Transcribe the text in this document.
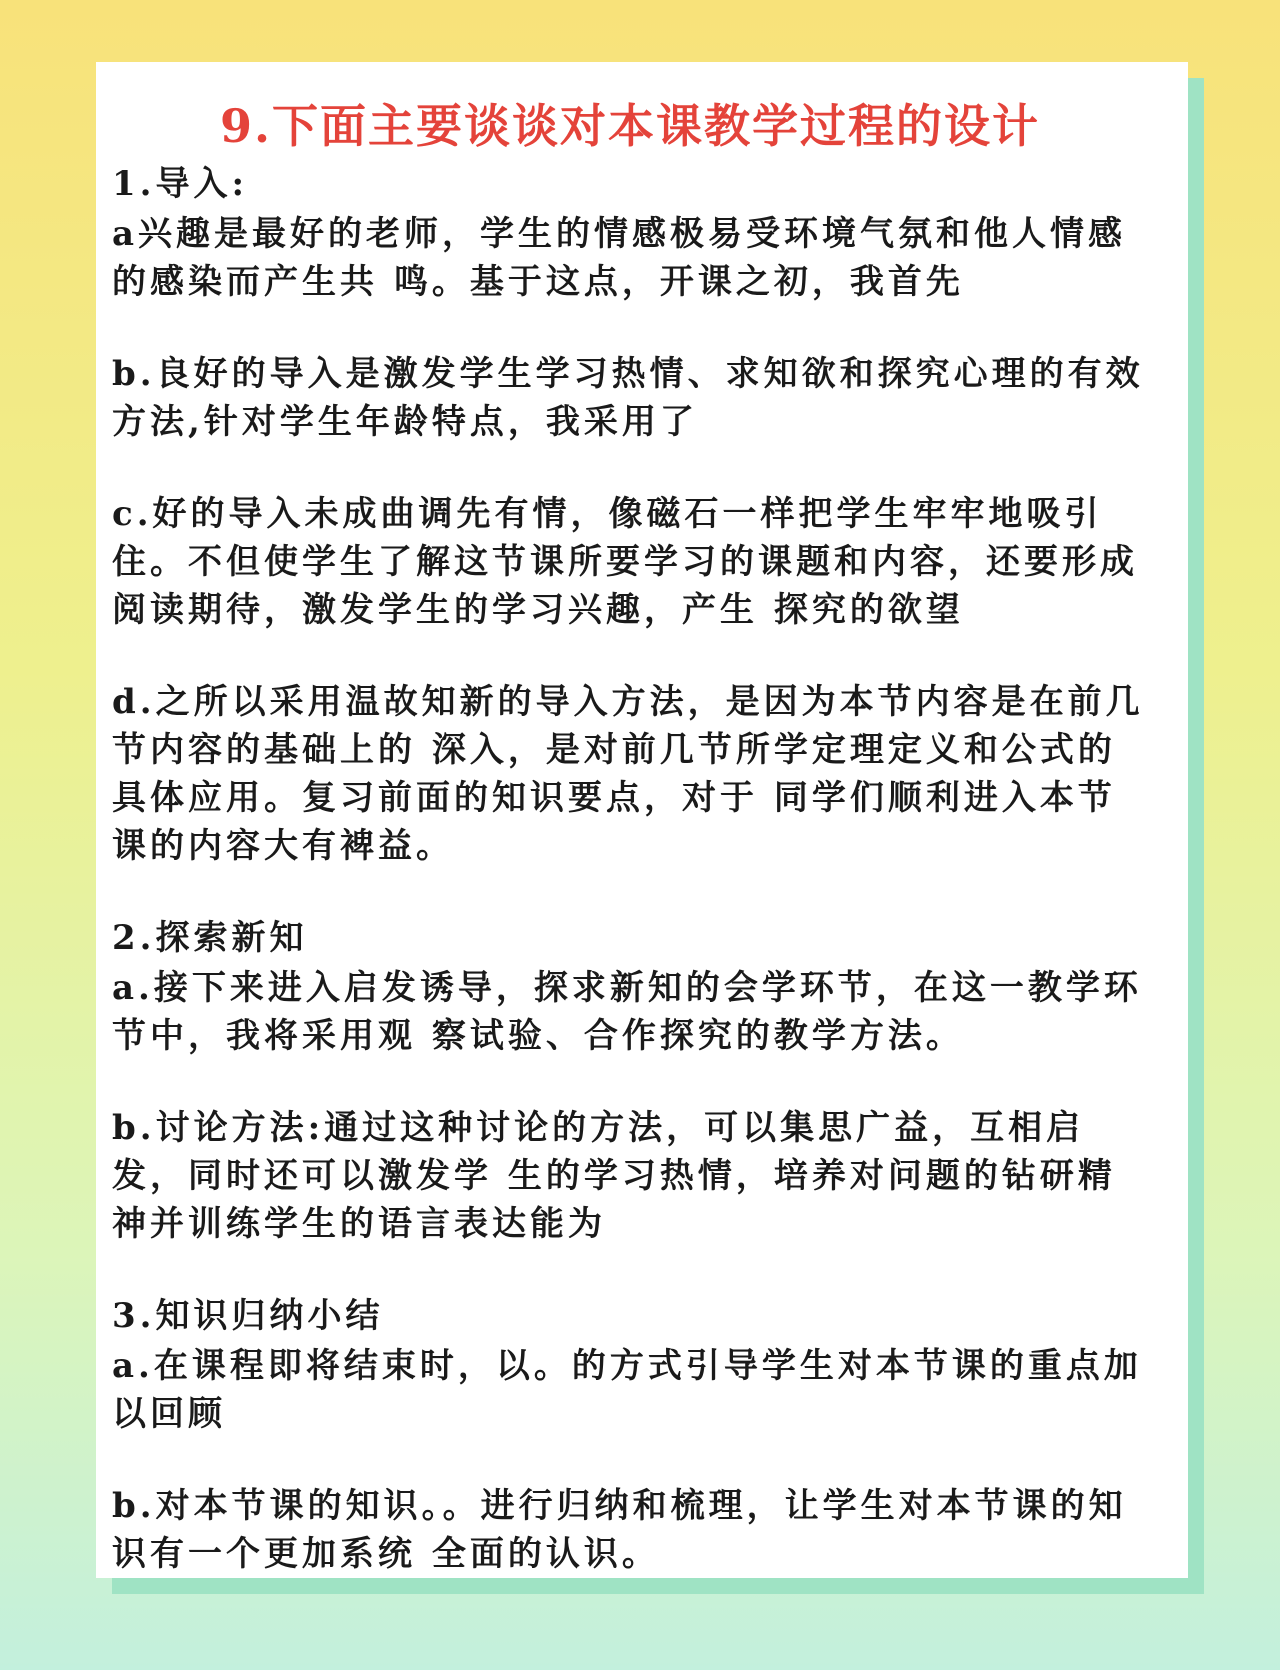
9.下面主要谈谈对本课教学过程的设计

1.导入:

a兴趣是最好的老师，学生的情感极易受环境气氛和他人情感的感染而产生共 鸣。基于这点，开课之初，我首先

b.良好的导入是激发学生学习热情、求知欲和探究心理的有效方法,针对学生年龄特点，我采用了

c.好的导入未成曲调先有情，像磁石一样把学生牢牢地吸引住。不但使学生了解这节课所要学习的课题和内容，还要形成阅读期待，激发学生的学习兴趣，产生 探究的欲望

d.之所以采用温故知新的导入方法，是因为本节内容是在前几节内容的基础上的 深入，是对前几节所学定理定义和公式的具体应用。复习前面的知识要点，对于 同学们顺利进入本节课的内容大有裨益。

2.探索新知

a.接下来进入启发诱导，探求新知的会学环节，在这一教学环节中，我将采用观 察试验、合作探究的教学方法。

b.讨论方法:通过这种讨论的方法，可以集思广益，互相启发，同时还可以激发学 生的学习热情，培养对问题的钻研精神并训练学生的语言表达能为

3.知识归纳小结

a.在课程即将结束时，以。的方式引导学生对本节课的重点加以回顾

b.对本节课的知识。。进行归纳和梳理，让学生对本节课的知识有一个更加系统 全面的认识。
